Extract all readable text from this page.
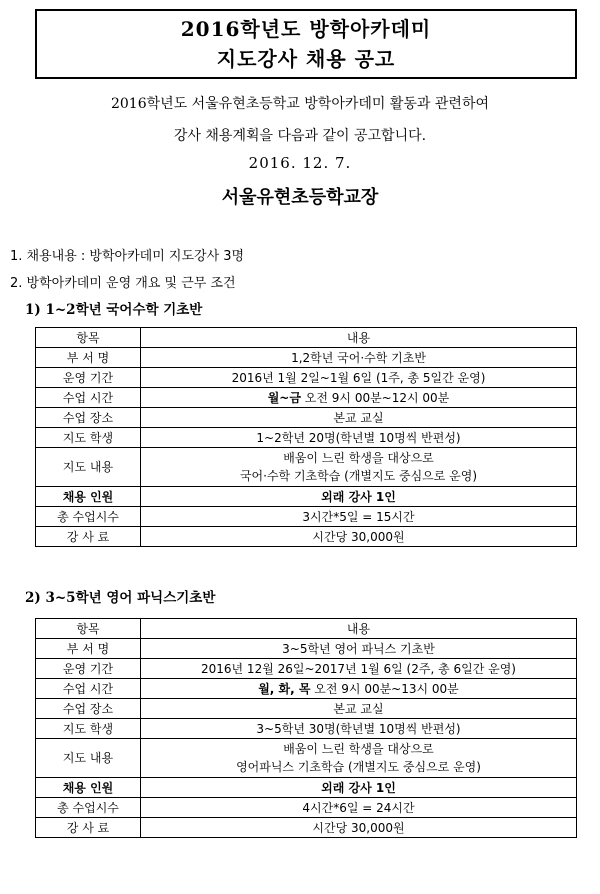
2016학년도 방학아카데미
지도강사 채용 공고
2016학년도 서울유현초등학교 방학아카데미 활동과 관련하여
강사 채용계획을 다음과 같이 공고합니다.
2016. 12. 7.
서울유현초등학교장
1. 채용내용 : 방학아카데미 지도강사 3명
2. 방학아카데미 운영 개요 및 근무 조건
1) 1~2학년 국어수학 기초반
항목	내용
부 서 명	1,2학년 국어·수학 기초반
운영 기간	2016년 1월 2일~1월 6일 (1주, 총 5일간 운영)
수업 시간	월~금 오전 9시 00분~12시 00분
수업 장소	본교 교실
지도 학생	1~2학년 20명(학년별 10명씩 반편성)
지도 내용	배움이 느린 학생을 대상으로
국어·수학 기초학습 (개별지도 중심으로 운영)

채용 인원	외래 강사 1인
총 수업시수	3시간*5일 = 15시간
강 사 료	시간당 30,000원
2) 3~5학년 영어 파닉스기초반
항목	내용
부 서 명	3~5학년 영어 파닉스 기초반
운영 기간	2016년 12월 26일~2017년 1월 6일 (2주, 총 6일간 운영)
수업 시간	월, 화, 목 오전 9시 00분~13시 00분
수업 장소	본교 교실
지도 학생	3~5학년 30명(학년별 10명씩 반편성)
지도 내용	배움이 느린 학생을 대상으로
영어파닉스 기초학습 (개별지도 중심으로 운영)

채용 인원	외래 강사 1인
총 수업시수	4시간*6일 = 24시간
강 사 료	시간당 30,000원
